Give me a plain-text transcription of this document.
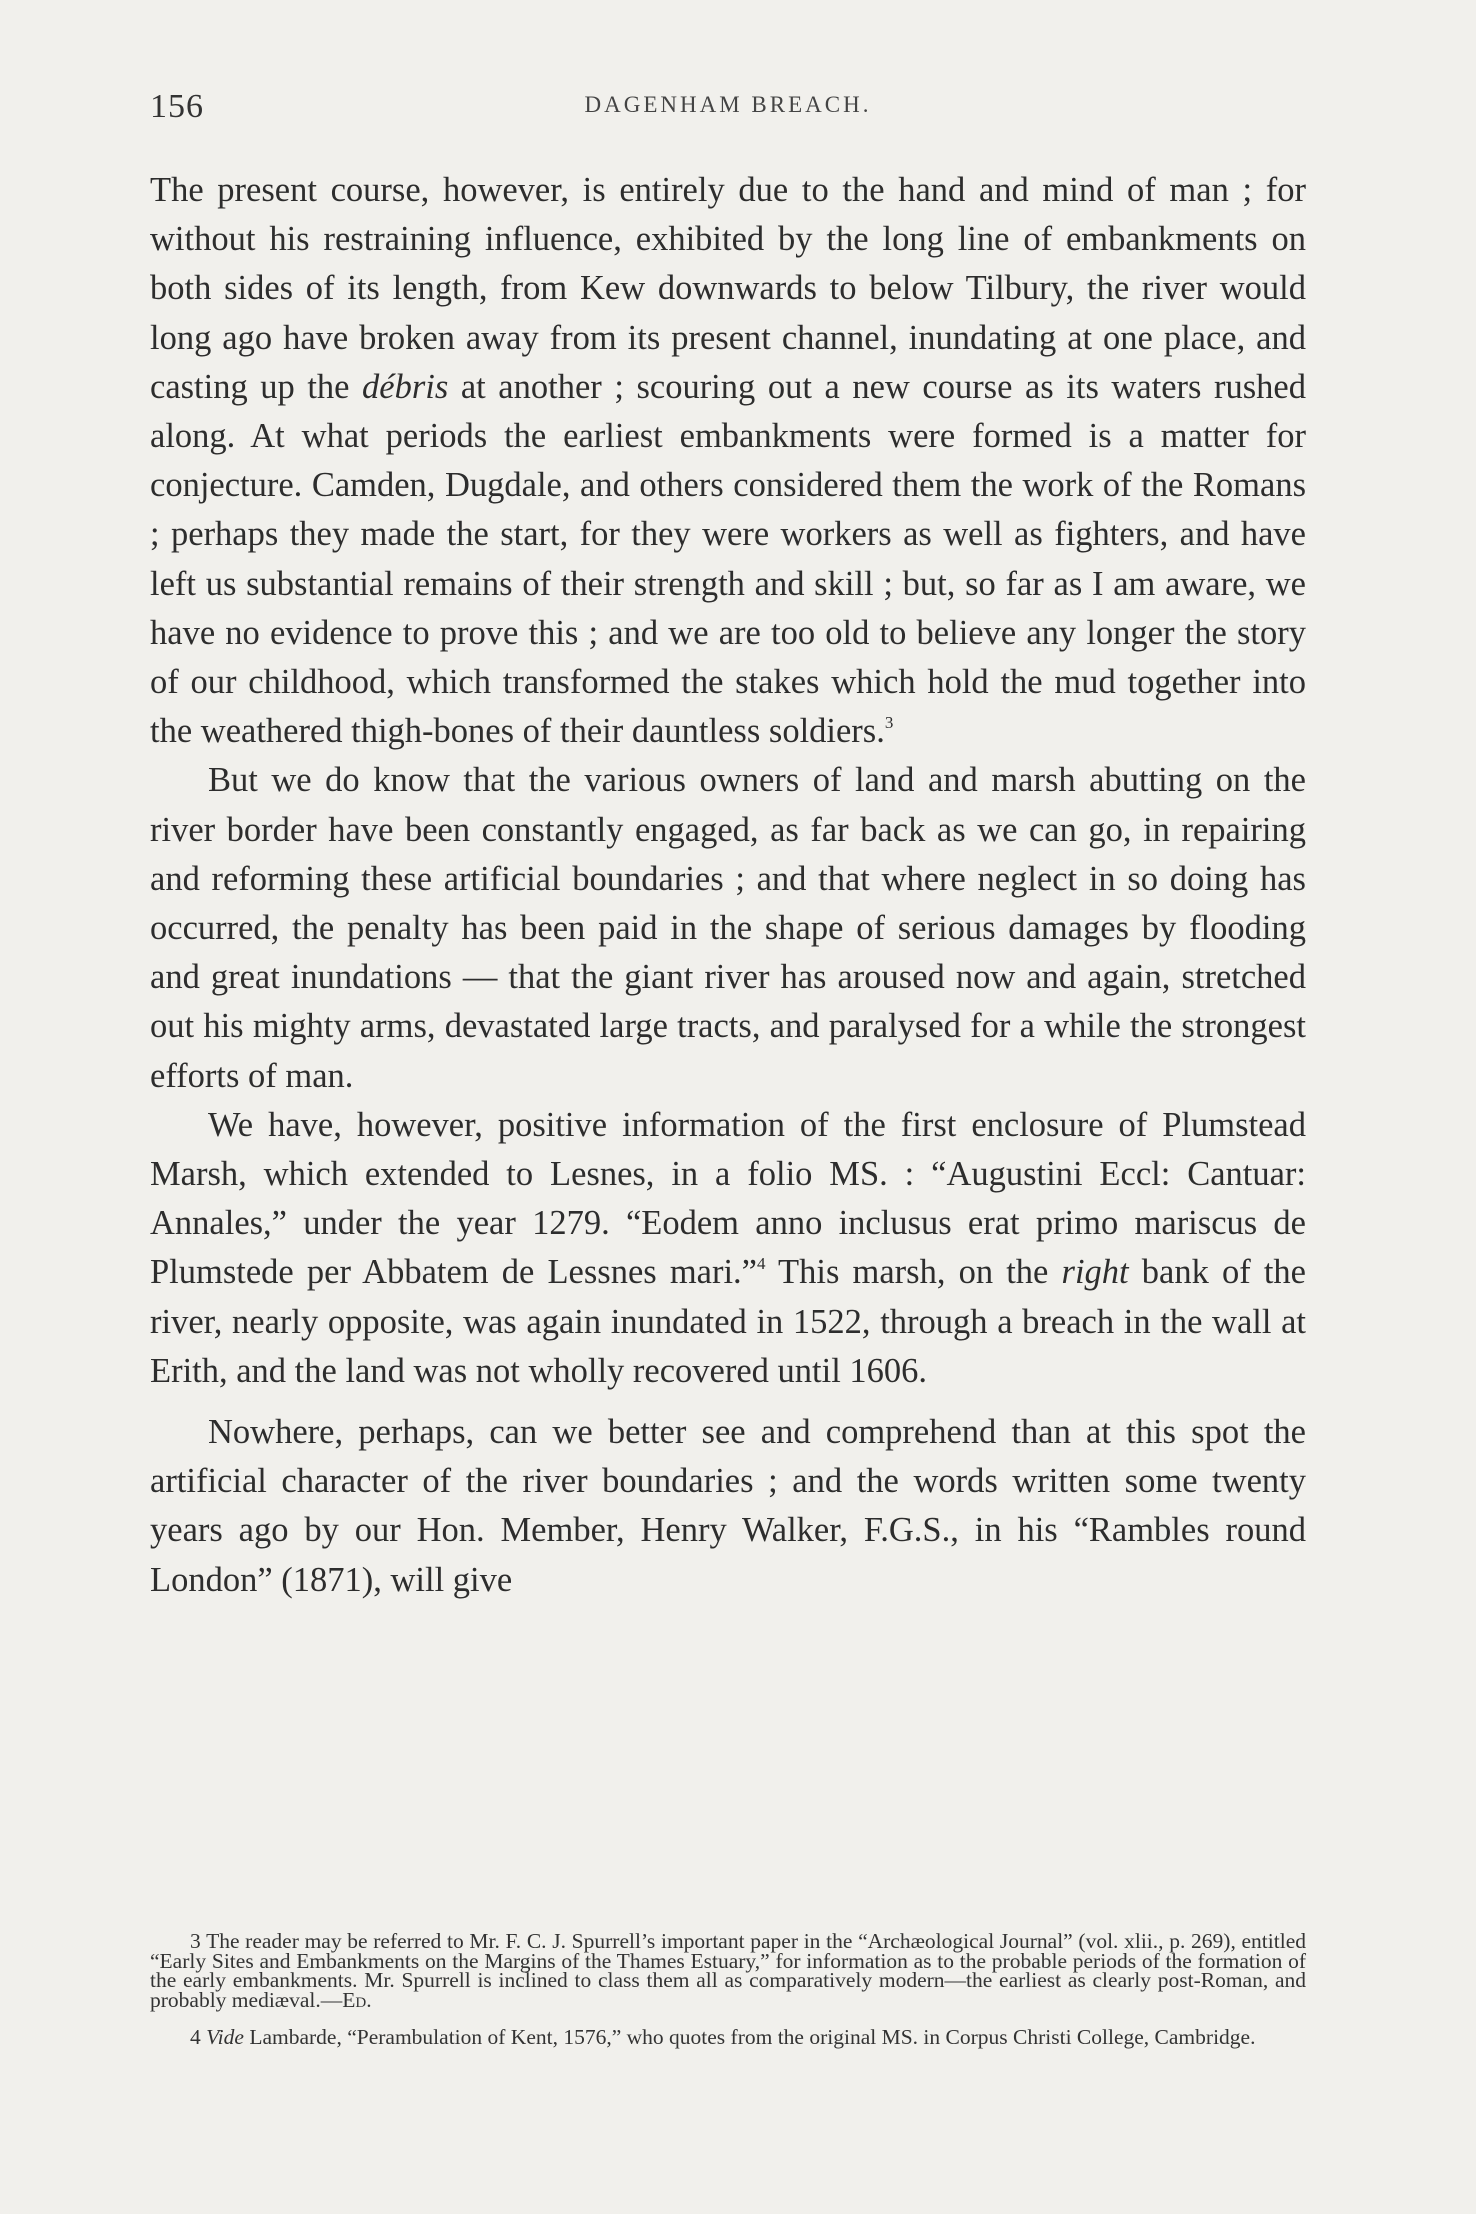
156	DAGENHAM BREACH.

The present course, however, is entirely due to the hand and mind of man ; for without his restraining influence, exhibited by the long line of embankments on both sides of its length, from Kew downwards to below Tilbury, the river would long ago have broken away from its present channel, inundating at one place, and casting up the débris at another ; scouring out a new course as its waters rushed along. At what periods the earliest embankments were formed is a matter for conjecture. Camden, Dugdale, and others considered them the work of the Romans ; perhaps they made the start, for they were workers as well as fighters, and have left us substantial remains of their strength and skill ; but, so far as I am aware, we have no evidence to prove this ; and we are too old to believe any longer the story of our childhood, which transformed the stakes which hold the mud together into the weathered thigh-bones of their dauntless soldiers.$^3$

But we do know that the various owners of land and marsh abutting on the river border have been constantly engaged, as far back as we can go, in repairing and reforming these artificial boundaries ; and that where neglect in so doing has occurred, the penalty has been paid in the shape of serious damages by flooding and great inundations — that the giant river has aroused now and again, stretched out his mighty arms, devastated large tracts, and paralysed for a while the strongest efforts of man.

We have, however, positive information of the first enclosure of Plumstead Marsh, which extended to Lesnes, in a folio MS. : “Augustini Eccl: Cantuar: Annales,” under the year 1279. “Eodem anno inclusus erat primo mariscus de Plumstede per Abbatem de Lessnes mari.”$^4$ This marsh, on the right bank of the river, nearly opposite, was again inundated in 1522, through a breach in the wall at Erith, and the land was not wholly recovered until 1606.

Nowhere, perhaps, can we better see and comprehend than at this spot the artificial character of the river boundaries ; and the words written some twenty years ago by our Hon. Member, Henry Walker, F.G.S., in his “Rambles round London” (1871), will give

3 The reader may be referred to Mr. F. C. J. Spurrell’s important paper in the “Archæological Journal” (vol. xlii., p. 269), entitled “Early Sites and Embankments on the Margins of the Thames Estuary,” for information as to the probable periods of the formation of the early embankments. Mr. Spurrell is inclined to class them all as comparatively modern—the earliest as clearly post-Roman, and probably mediæval.—Ed.

4 Vide Lambarde, “Perambulation of Kent, 1576,” who quotes from the original MS. in Corpus Christi College, Cambridge.
